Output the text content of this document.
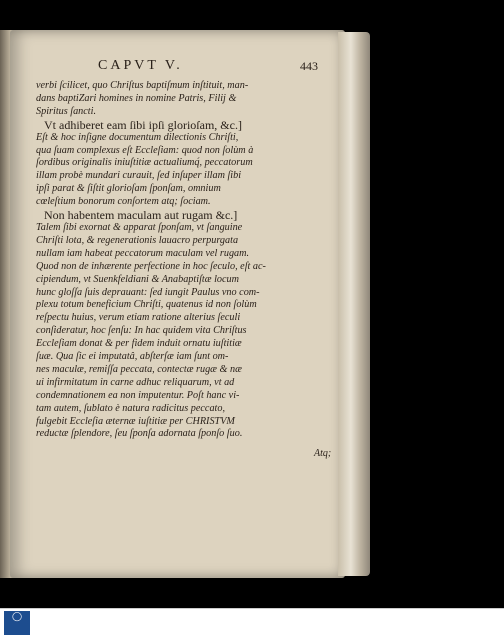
CAPVT V.	443
verbi ſcilicet, quo Chriſtus baptiſmum inſtituit, man-
dans baptiZari homines in nomine Patris, Filij &
Spiritus ſancti.
Vt adhiberet eam ſibi ipſi glorioſam, &c.]
Eſt & hoc inſigne documentum dilectionis Chriſti,
qua ſuam complexus eſt Eccleſiam: quod non ſolùm à
ſordibus originalis iniuſtitiæ actualiumq́, peccatorum
illam probè mundari curauit, ſed inſuper illam ſibi
ipſi parat & ſiſtit glorioſam ſponſam, omnium
cœleſtium bonorum conſortem atq; ſociam.
Non habentem maculam aut rugam &c.]
Talem ſibi exornat & apparat ſponſam, vt ſanguine
Chriſti lota, & regenerationis lauacro perpurgata
nullam iam habeat peccatorum maculam vel rugam.
Quod non de inhærente perfectione in hoc ſeculo, eſt ac-
cipiendum, vt Suenkfeldiani & Anabaptiſtæ locum
hunc gloſſa ſuis deprauant: ſed iungit Paulus vno com-
plexu totum beneficium Chriſti, quatenus id non ſolùm
reſpectu huius, verum etiam ratione alterius ſeculi
conſideratur, hoc ſenſu: In hac quidem vita Chriſtus
Eccleſiam donat & per fidem induit ornatu iuſtitiæ
ſuæ. Qua ſic ei imputatâ, abſterſæ iam ſunt om-
nes maculæ, remiſſa peccata, contectæ rugæ & næ
ui infirmitatum in carne adhuc reliquarum, vt ad
condemnationem ea non imputentur. Poſt hanc vi-
tam autem, ſublato è natura radicitus peccato,
fulgebit Eccleſia æternæ iuſtitiæ per CHRISTVM
reductæ ſplendore, ſeu ſponſa adornata ſponſo ſuo.
Atq;
◯
